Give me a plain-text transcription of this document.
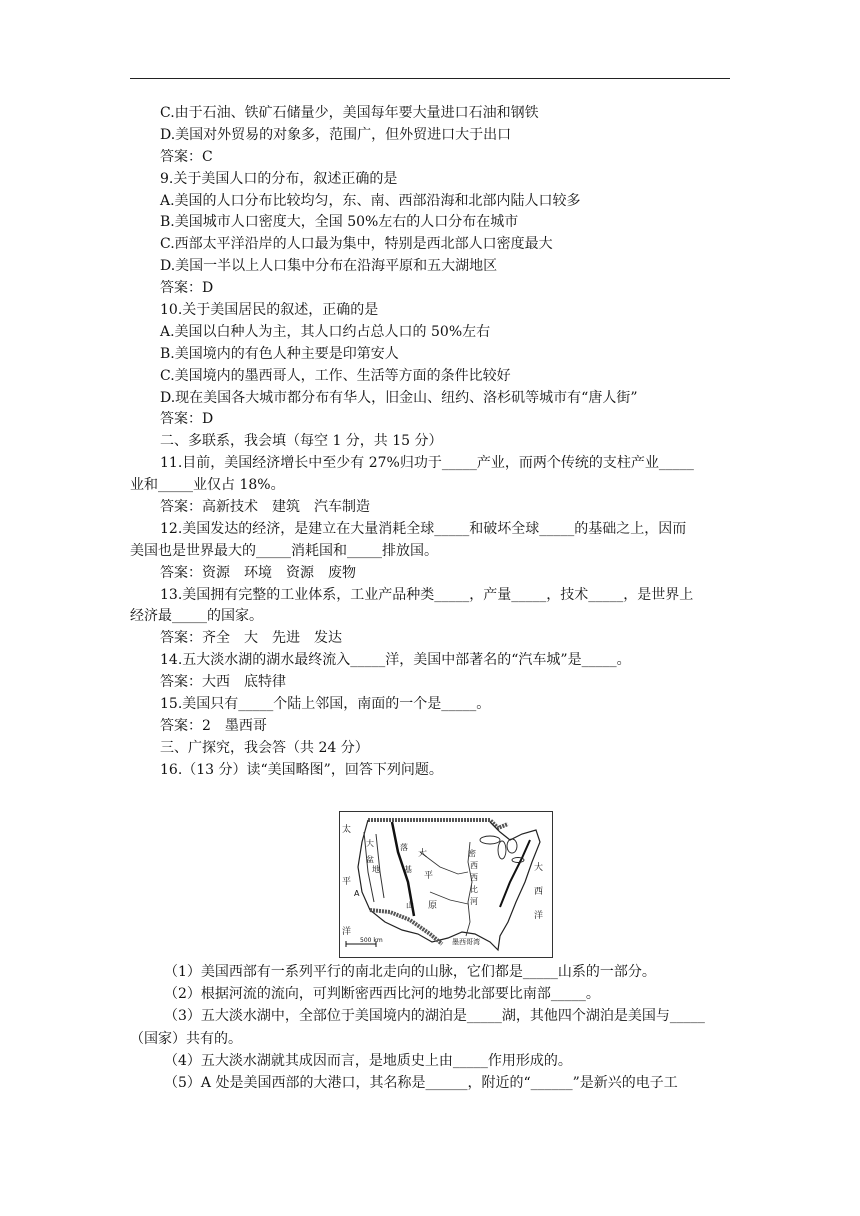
C.由于石油、铁矿石储量少，美国每年要大量进口石油和钢铁
D.美国对外贸易的对象多，范围广，但外贸进口大于出口
答案：C
9.关于美国人口的分布，叙述正确的是
A.美国的人口分布比较均匀，东、南、西部沿海和北部内陆人口较多
B.美国城市人口密度大，全国 50%左右的人口分布在城市
C.西部太平洋沿岸的人口最为集中，特别是西北部人口密度最大
D.美国一半以上人口集中分布在沿海平原和五大湖地区
答案：D
10.关于美国居民的叙述，正确的是
A.美国以白种人为主，其人口约占总人口的 50%左右
B.美国境内的有色人种主要是印第安人
C.美国境内的墨西哥人，工作、生活等方面的条件比较好
D.现在美国各大城市都分布有华人，旧金山、纽约、洛杉矶等城市有“唐人街”
答案：D
二、多联系，我会填（每空 1 分，共 15 分）
11.目前，美国经济增长中至少有 27%归功于_____产业，而两个传统的支柱产业_____
业和_____业仅占 18%。
答案：高新技术　建筑　汽车制造
12.美国发达的经济，是建立在大量消耗全球_____和破坏全球_____的基础之上，因而
美国也是世界最大的_____消耗国和_____排放国。
答案：资源　环境　资源　废物
13.美国拥有完整的工业体系，工业产品种类_____，产量_____，技术_____，是世界上
经济最_____的国家。
答案：齐全　大　先进　发达
14.五大淡水湖的湖水最终流入_____洋，美国中部著名的“汽车城”是_____。
答案：大西　底特律
15.美国只有_____个陆上邻国，南面的一个是_____。
答案：2　墨西哥
三、广探究，我会答（共 24 分）
16.（13 分）读“美国略图”，回答下列问题。
太
平
洋
大
盆
地
落
基
山
大
平
原
密
西
西
比
河
大
西
洋
墨西哥湾
A
500 km
（1）美国西部有一系列平行的南北走向的山脉，它们都是_____山系的一部分。
（2）根据河流的流向，可判断密西西比河的地势北部要比南部_____。
（3）五大淡水湖中，全部位于美国境内的湖泊是_____湖，其他四个湖泊是美国与_____
（国家）共有的。
（4）五大淡水湖就其成因而言，是地质史上由_____作用形成的。
（5）A 处是美国西部的大港口，其名称是______，附近的“______”是新兴的电子工
